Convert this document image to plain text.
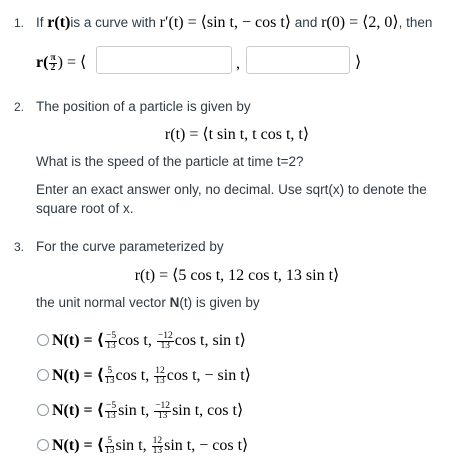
1. If r(t)is a curve with r′(t) = ⟨sin t, − cos t⟩ and r(0) = ⟨2, 0⟩, then
$r( \frac{\pi}{2}$ ) = ⟨	,	⟩
2. The position of a particle is given by
r(t) = ⟨t sin t, t cos t, t⟩
What is the speed of the particle at time t=2?
Enter an exact answer only, no decimal. Use sqrt(x) to denote the square root of x.
3. For the curve parameterized by
r(t) = ⟨5 cos t, 12 cos t, 13 sin t⟩
the unit normal vector N(t) is given by
N(t) = ⟨ $\frac{-5}{13}$ cos t, $\frac{-12}{13}$ cos t, sin t⟩
N(t) = ⟨ $\frac{5}{13}$ cos t, $\frac{12}{13}$ cos t, − sin t⟩
N(t) = ⟨ $\frac{-5}{13}$ sin t, $\frac{-12}{13}$ sin t, cos t⟩
N(t) = ⟨ $\frac{5}{13}$ sin t, $\frac{12}{13}$ sin t, − cos t⟩
